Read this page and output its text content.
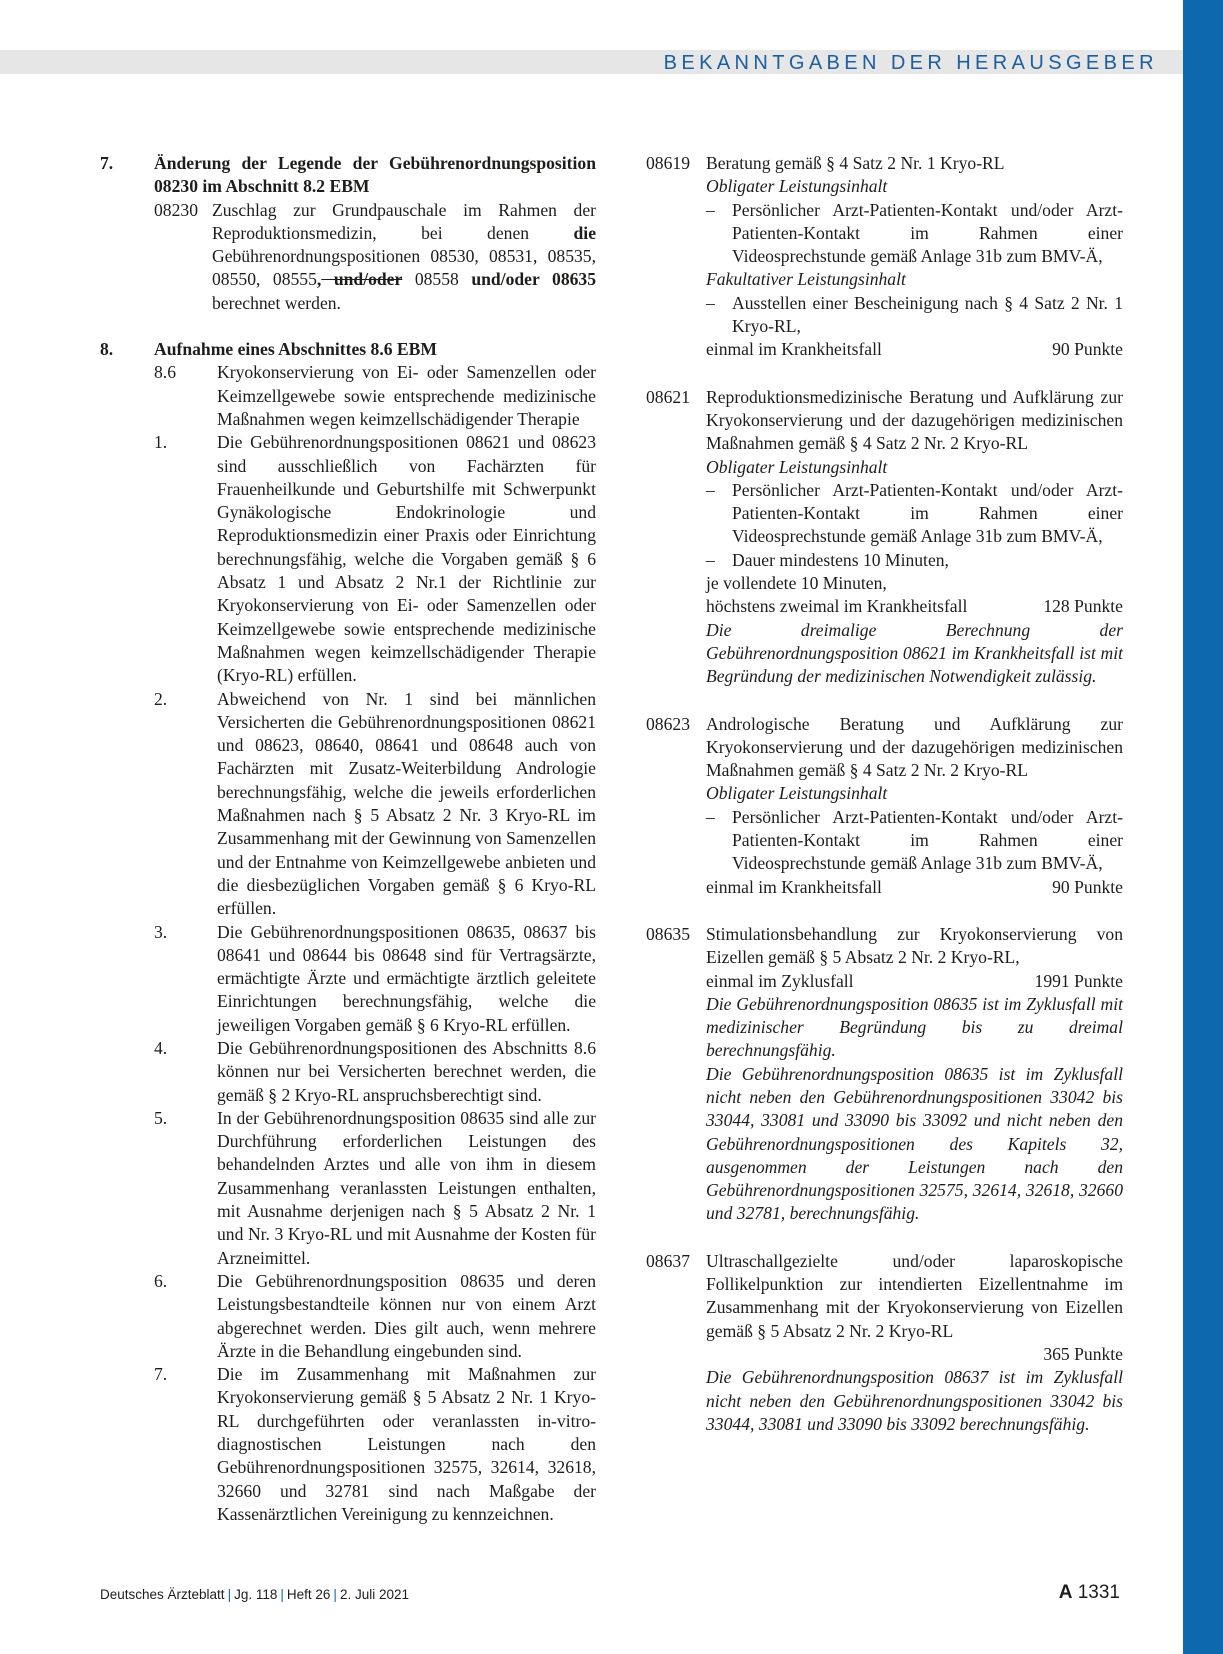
BEKANNTGABEN DER HERAUSGEBER
7.	Änderung der Legende der Gebührenordnungsposition 08230 im Abschnitt 8.2 EBM
08230 Zuschlag zur Grundpauschale im Rahmen der Reproduktionsmedizin, bei denen die Gebührenordnungspositionen 08530, 08531, 08535, 08550, 08555, und/oder 08558 und/oder 08635 berechnet werden.
8.	Aufnahme eines Abschnittes 8.6 EBM
8.6	Kryokonservierung von Ei- oder Samenzellen oder Keimzellgewebe sowie entsprechende medizinische Maßnahmen wegen keimzellschädigender Therapie
1.	Die Gebührenordnungspositionen 08621 und 08623 sind ausschließlich von Fachärzten für Frauenheilkunde und Geburtshilfe mit Schwerpunkt Gynäkologische Endokrinologie und Reproduktionsmedizin einer Praxis oder Einrichtung berechnungsfähig, welche die Vorgaben gemäß § 6 Absatz 1 und Absatz 2 Nr.1 der Richtlinie zur Kryokonservierung von Ei- oder Samenzellen oder Keimzellgewebe sowie entsprechende medizinische Maßnahmen wegen keimzellschädigender Therapie (Kryo-RL) erfüllen.
2.	Abweichend von Nr. 1 sind bei männlichen Versicherten die Gebührenordnungspositionen 08621 und 08623, 08640, 08641 und 08648 auch von Fachärzten mit Zusatz-Weiterbildung Andrologie berechnungsfähig, welche die jeweils erforderlichen Maßnahmen nach § 5 Absatz 2 Nr. 3 Kryo-RL im Zusammenhang mit der Gewinnung von Samenzellen und der Entnahme von Keimzellgewebe anbieten und die diesbezüglichen Vorgaben gemäß § 6 Kryo-RL erfüllen.
3.	Die Gebührenordnungspositionen 08635, 08637 bis 08641 und 08644 bis 08648 sind für Vertragsärzte, ermächtigte Ärzte und ermächtigte ärztlich geleitete Einrichtungen berechnungsfähig, welche die jeweiligen Vorgaben gemäß § 6 Kryo-RL erfüllen.
4.	Die Gebührenordnungspositionen des Abschnitts 8.6 können nur bei Versicherten berechnet werden, die gemäß § 2 Kryo-RL anspruchsberechtigt sind.
5.	In der Gebührenordnungsposition 08635 sind alle zur Durchführung erforderlichen Leistungen des behandelnden Arztes und alle von ihm in diesem Zusammenhang veranlassten Leistungen enthalten, mit Ausnahme derjenigen nach § 5 Absatz 2 Nr. 1 und Nr. 3 Kryo-RL und mit Ausnahme der Kosten für Arzneimittel.
6.	Die Gebührenordnungsposition 08635 und deren Leistungsbestandteile können nur von einem Arzt abgerechnet werden. Dies gilt auch, wenn mehrere Ärzte in die Behandlung eingebunden sind.
7.	Die im Zusammenhang mit Maßnahmen zur Kryokonservierung gemäß § 5 Absatz 2 Nr. 1 Kryo-RL durchgeführten oder veranlassten in-vitro-diagnostischen Leistungen nach den Gebührenordnungspositionen 32575, 32614, 32618, 32660 und 32781 sind nach Maßgabe der Kassenärztlichen Vereinigung zu kennzeichnen.
08619 Beratung gemäß § 4 Satz 2 Nr. 1 Kryo-RL
Obligater Leistungsinhalt
– Persönlicher Arzt-Patienten-Kontakt und/oder Arzt-Patienten-Kontakt im Rahmen einer Videosprechstunde gemäß Anlage 31b zum BMV-Ä,
Fakultativer Leistungsinhalt
– Ausstellen einer Bescheinigung nach § 4 Satz 2 Nr. 1 Kryo-RL,
einmal im Krankheitsfall	90 Punkte
08621 Reproduktionsmedizinische Beratung und Aufklärung zur Kryokonservierung und der dazugehörigen medizinischen Maßnahmen gemäß § 4 Satz 2 Nr. 2 Kryo-RL
Obligater Leistungsinhalt
– Persönlicher Arzt-Patienten-Kontakt und/oder Arzt-Patienten-Kontakt im Rahmen einer Videosprechstunde gemäß Anlage 31b zum BMV-Ä,
– Dauer mindestens 10 Minuten,
je vollendete 10 Minuten,
höchstens zweimal im Krankheitsfall	128 Punkte
Die dreimalige Berechnung der Gebührenordnungsposition 08621 im Krankheitsfall ist mit Begründung der medizinischen Notwendigkeit zulässig.
08623 Andrologische Beratung und Aufklärung zur Kryokonservierung und der dazugehörigen medizinischen Maßnahmen gemäß § 4 Satz 2 Nr. 2 Kryo-RL
Obligater Leistungsinhalt
– Persönlicher Arzt-Patienten-Kontakt und/oder Arzt-Patienten-Kontakt im Rahmen einer Videosprechstunde gemäß Anlage 31b zum BMV-Ä,
einmal im Krankheitsfall	90 Punkte
08635 Stimulationsbehandlung zur Kryokonservierung von Eizellen gemäß § 5 Absatz 2 Nr. 2 Kryo-RL,
einmal im Zyklusfall	1991 Punkte
Die Gebührenordnungsposition 08635 ist im Zyklusfall mit medizinischer Begründung bis zu dreimal berechnungsfähig.
Die Gebührenordnungsposition 08635 ist im Zyklusfall nicht neben den Gebührenordnungspositionen 33042 bis 33044, 33081 und 33090 bis 33092 und nicht neben den Gebührenordnungspositionen des Kapitels 32, ausgenommen der Leistungen nach den Gebührenordnungspositionen 32575, 32614, 32618, 32660 und 32781, berechnungsfähig.
08637 Ultraschallgezielte und/oder laparoskopische Follikelpunktion zur intendierten Eizellentnahme im Zusammenhang mit der Kryokonservierung von Eizellen gemäß § 5 Absatz 2 Nr. 2 Kryo-RL
365 Punkte
Die Gebührenordnungsposition 08637 ist im Zyklusfall nicht neben den Gebührenordnungspositionen 33042 bis 33044, 33081 und 33090 bis 33092 berechnungsfähig.
Deutsches Ärzteblatt | Jg. 118 | Heft 26 | 2. Juli 2021	A 1331
